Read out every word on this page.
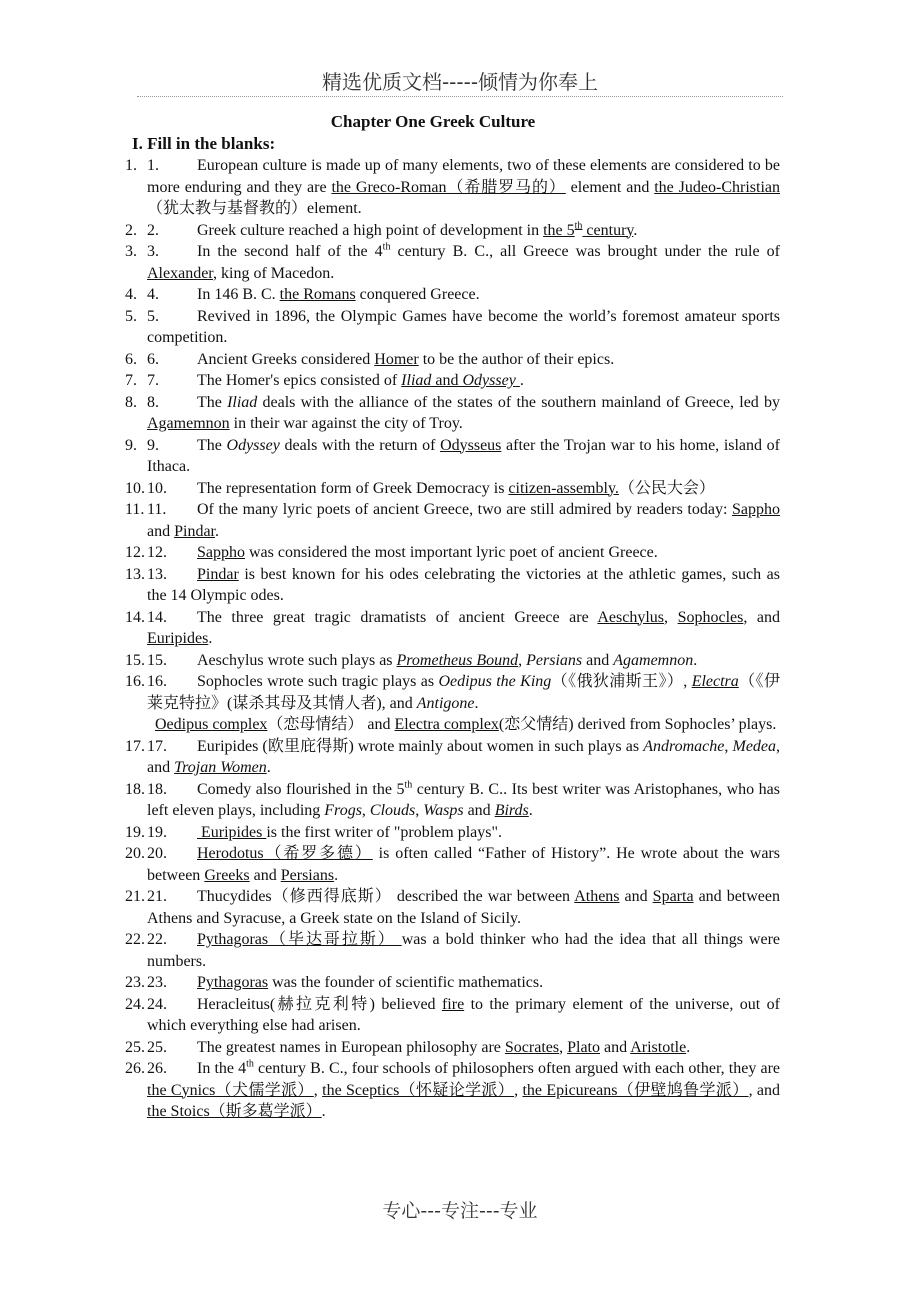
精选优质文档-----倾情为你奉上
Chapter One Greek Culture
I. Fill in the blanks:
1. 1. European culture is made up of many elements, two of these elements are considered to be more enduring and they are the Greco-Roman（希腊罗马的） element and the Judeo-Christian （犹太教与基督教的）element.
2. 2. Greek culture reached a high point of development in the 5th century.
3. 3. In the second half of the 4th century B. C., all Greece was brought under the rule of Alexander, king of Macedon.
4. 4. In 146 B. C. the Romans conquered Greece.
5. 5. Revived in 1896, the Olympic Games have become the world’s foremost amateur sports competition.
6. 6. Ancient Greeks considered Homer to be the author of their epics.
7. 7. The Homer's epics consisted of Iliad and Odyssey .
8. 8. The Iliad deals with the alliance of the states of the southern mainland of Greece, led by Agamemnon in their war against the city of Troy.
9. 9. The Odyssey deals with the return of Odysseus after the Trojan war to his home, island of Ithaca.
10. 10. The representation form of Greek Democracy is citizen-assembly.（公民大会）
11. 11. Of the many lyric poets of ancient Greece, two are still admired by readers today: Sappho and Pindar.
12. 12. Sappho was considered the most important lyric poet of ancient Greece.
13. 13. Pindar is best known for his odes celebrating the victories at the athletic games, such as the 14 Olympic odes.
14. 14. The three great tragic dramatists of ancient Greece are Aeschylus, Sophocles, and Euripides.
15. 15. Aeschylus wrote such plays as Prometheus Bound, Persians and Agamemnon.
16. 16. Sophocles wrote such tragic plays as Oedipus the King（《俄狄浦斯王》）, Electra（《伊莱克特拉》(谋杀其母及其情人者), and Antigone.
Oedipus complex（恋母情结） and Electra complex(恋父情结) derived from Sophocles’ plays.
17. 17. Euripides (欧里庇得斯) wrote mainly about women in such plays as Andromache, Medea, and Trojan Women.
18. 18. Comedy also flourished in the 5th century B. C.. Its best writer was Aristophanes, who has left eleven plays, including Frogs, Clouds, Wasps and Birds.
19. 19. Euripides is the first writer of "problem plays".
20. 20. Herodotus（希罗多德） is often called “Father of History”. He wrote about the wars between Greeks and Persians.
21. 21. Thucydides（修西得底斯） described the war between Athens and Sparta and between Athens and Syracuse, a Greek state on the Island of Sicily.
22. 22. Pythagoras（毕达哥拉斯） was a bold thinker who had the idea that all things were numbers.
23. 23. Pythagoras was the founder of scientific mathematics.
24. 24. Heracleitus(赫拉克利特) believed fire to the primary element of the universe, out of which everything else had arisen.
25. 25. The greatest names in European philosophy are Socrates, Plato and Aristotle.
26. 26. In the 4th century B. C., four schools of philosophers often argued with each other, they are the Cynics（犬儒学派）, the Sceptics（怀疑论学派）, the Epicureans（伊壁鸠鲁学派）, and the Stoics（斯多葛学派）.
专心---专注---专业
